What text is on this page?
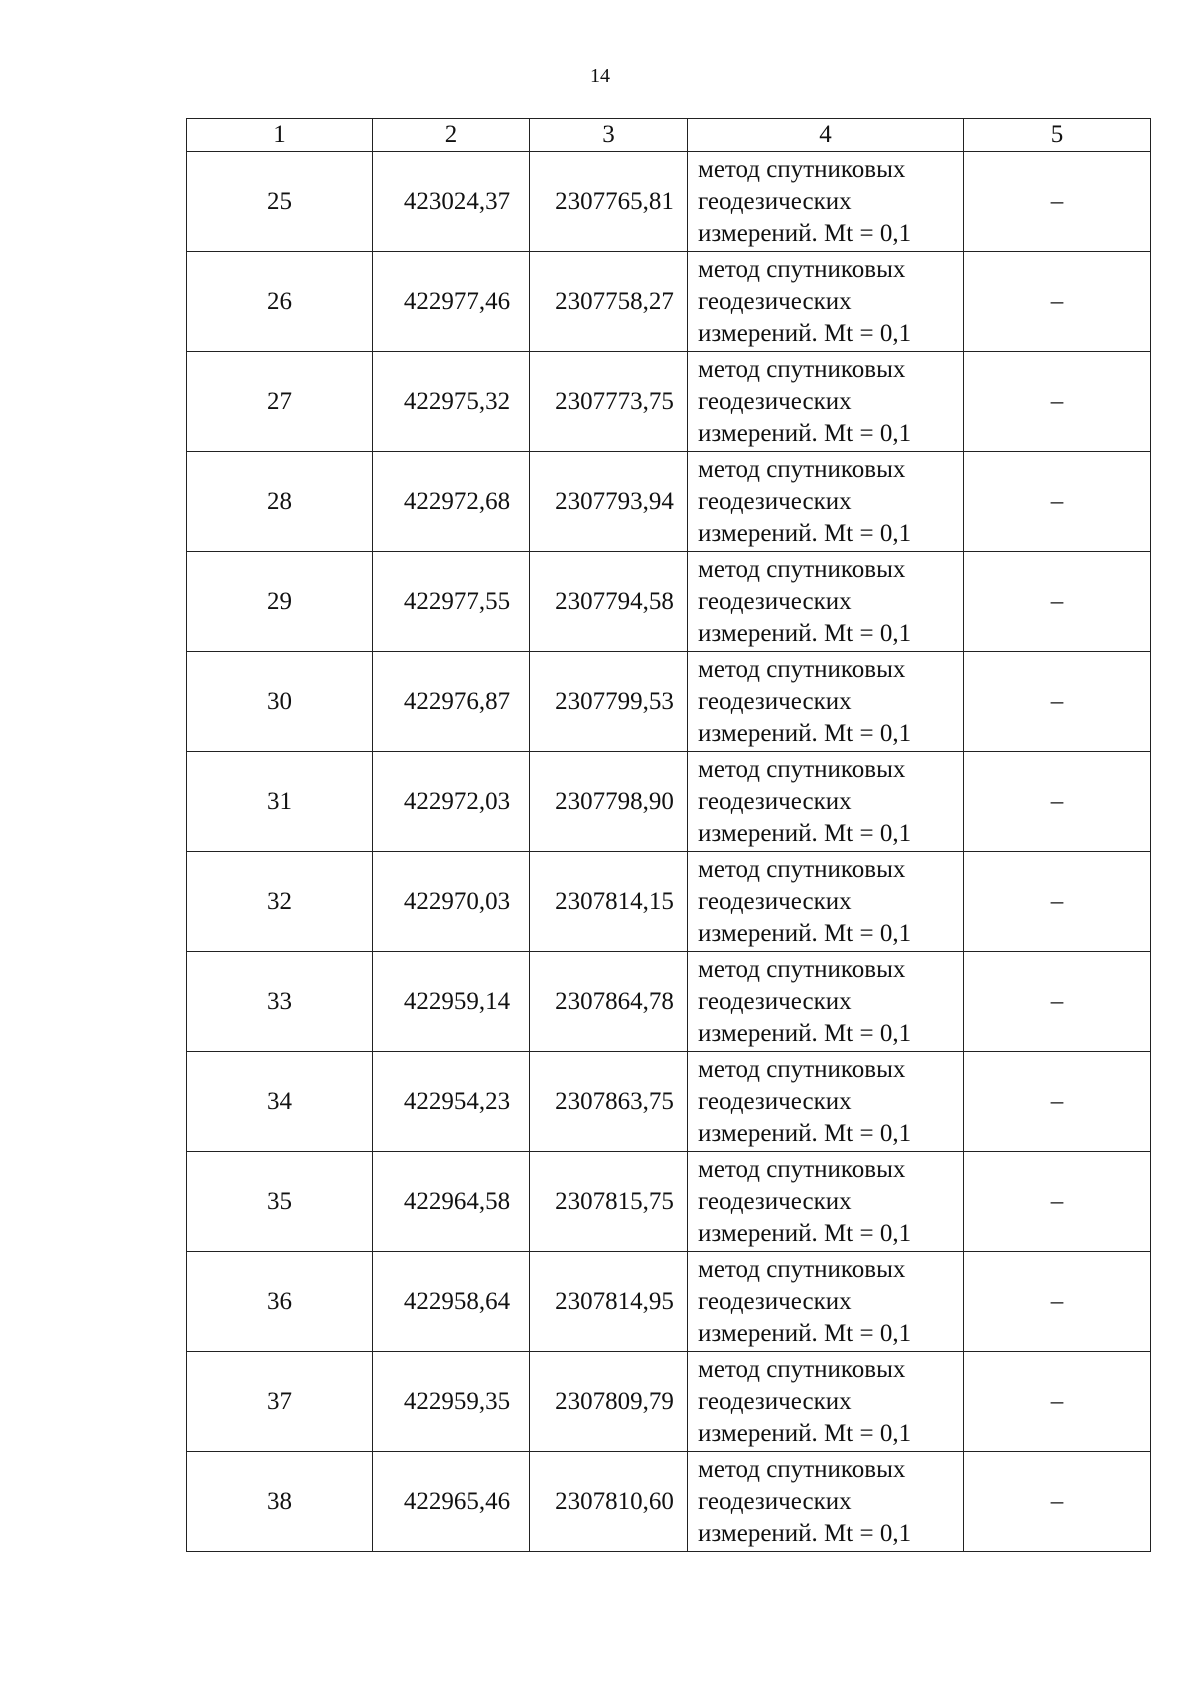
14
1	2	3	4	5
25	423024,37	2307765,81	метод спутниковых
геодезических
измерений. Mt = 0,1	–
26	422977,46	2307758,27	метод спутниковых
геодезических
измерений. Mt = 0,1	–
27	422975,32	2307773,75	метод спутниковых
геодезических
измерений. Mt = 0,1	–
28	422972,68	2307793,94	метод спутниковых
геодезических
измерений. Mt = 0,1	–
29	422977,55	2307794,58	метод спутниковых
геодезических
измерений. Mt = 0,1	–
30	422976,87	2307799,53	метод спутниковых
геодезических
измерений. Mt = 0,1	–
31	422972,03	2307798,90	метод спутниковых
геодезических
измерений. Mt = 0,1	–
32	422970,03	2307814,15	метод спутниковых
геодезических
измерений. Mt = 0,1	–
33	422959,14	2307864,78	метод спутниковых
геодезических
измерений. Mt = 0,1	–
34	422954,23	2307863,75	метод спутниковых
геодезических
измерений. Mt = 0,1	–
35	422964,58	2307815,75	метод спутниковых
геодезических
измерений. Mt = 0,1	–
36	422958,64	2307814,95	метод спутниковых
геодезических
измерений. Mt = 0,1	–
37	422959,35	2307809,79	метод спутниковых
геодезических
измерений. Mt = 0,1	–
38	422965,46	2307810,60	метод спутниковых
геодезических
измерений. Mt = 0,1	–
